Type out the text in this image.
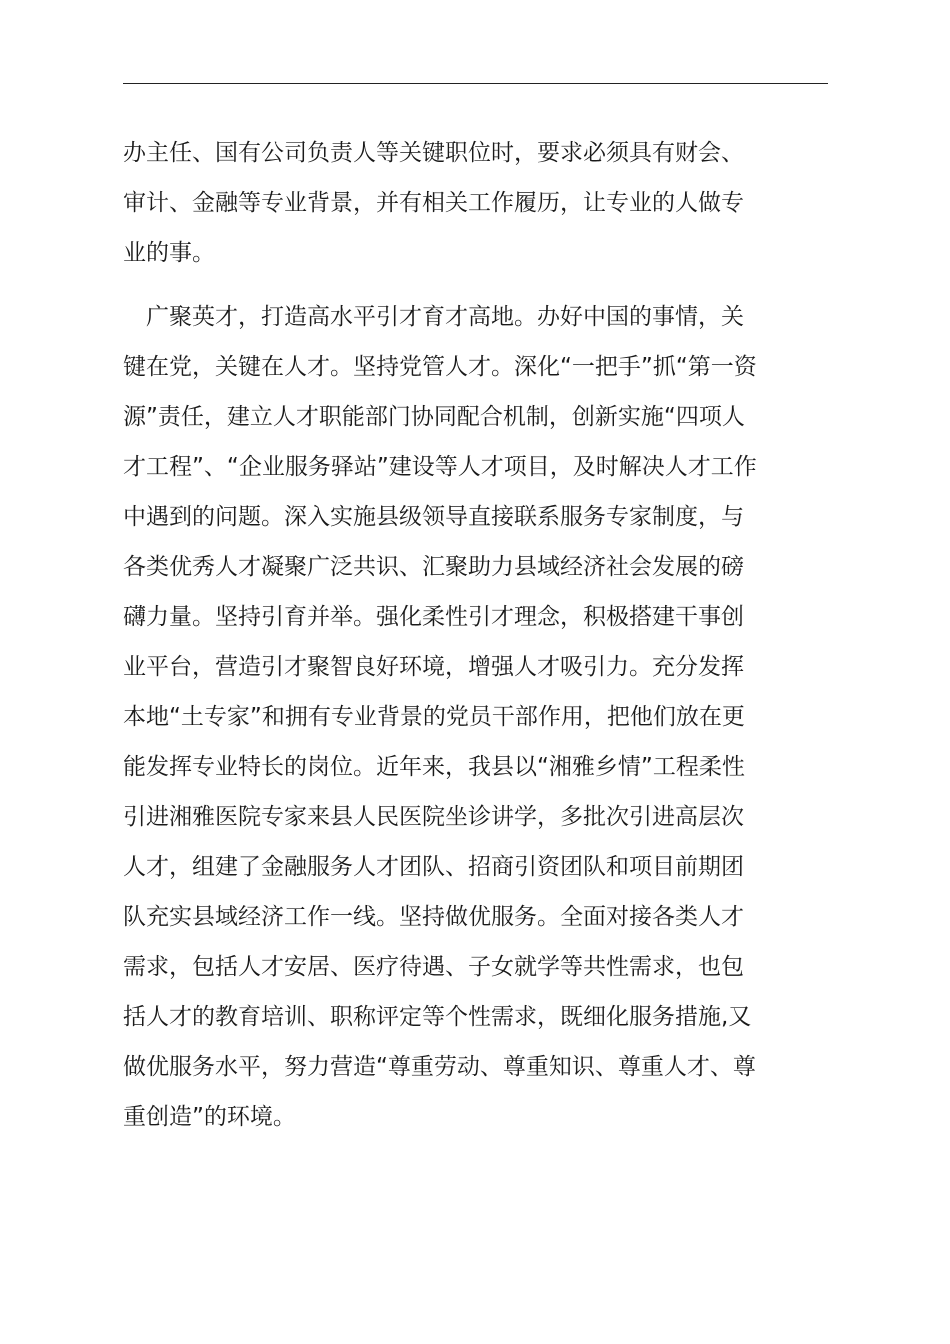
办主任、国有公司负责人等关键职位时，要求必须具有财会、
审计、金融等专业背景，并有相关工作履历，让专业的人做专
业的事。
　广聚英才，打造高水平引才育才高地。办好中国的事情，关
键在党，关键在人才。坚持党管人才。深化“一把手”抓“第一资
源”责任，建立人才职能部门协同配合机制，创新实施“四项人
才工程”、“企业服务驿站”建设等人才项目，及时解决人才工作
中遇到的问题。深入实施县级领导直接联系服务专家制度，与
各类优秀人才凝聚广泛共识、汇聚助力县域经济社会发展的磅
礴力量。坚持引育并举。强化柔性引才理念，积极搭建干事创
业平台，营造引才聚智良好环境，增强人才吸引力。充分发挥
本地“土专家”和拥有专业背景的党员干部作用，把他们放在更
能发挥专业特长的岗位。近年来，我县以“湘雅乡情”工程柔性
引进湘雅医院专家来县人民医院坐诊讲学，多批次引进高层次
人才，组建了金融服务人才团队、招商引资团队和项目前期团
队充实县域经济工作一线。坚持做优服务。全面对接各类人才
需求，包括人才安居、医疗待遇、子女就学等共性需求，也包
括人才的教育培训、职称评定等个性需求，既细化服务措施,又
做优服务水平，努力营造“尊重劳动、尊重知识、尊重人才、尊
重创造”的环境。
